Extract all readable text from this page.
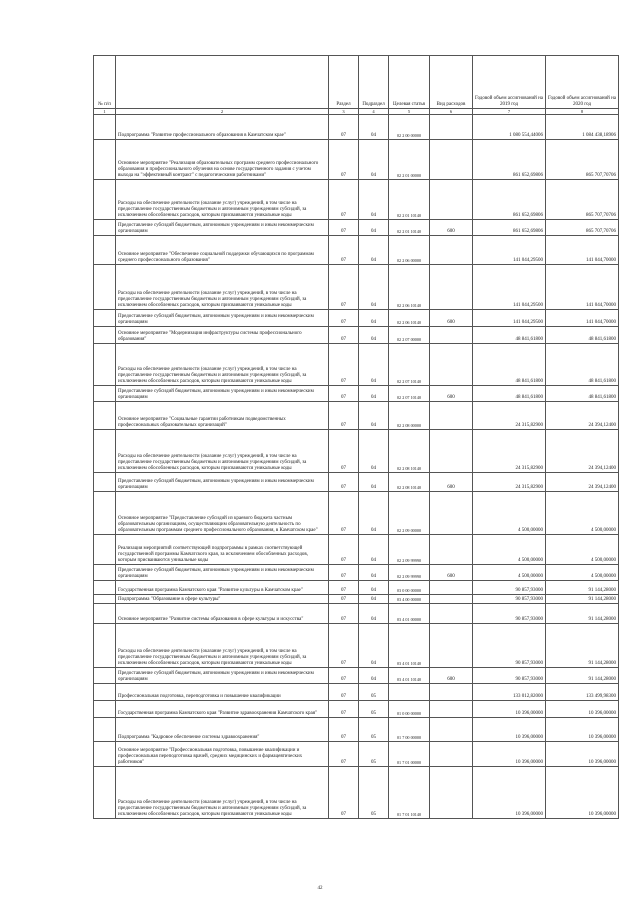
№ п/п		Раздел	Подраздел	Целевая статья	Вид расходов	Годовой объем ассигнований на 2019 год	Годовой объем ассигнований на 2020 год
1	2	3	4	5	6	7	8
	Подпрограмма "Развитие профессионального образования в Камчатском крае"	07	04	02 2 00 00000		1 080 554,44006	1 084 438,18906
	Основное мероприятие "Реализация образовательных программ среднего профессионального образования и профессионального обучения на основе государственного задания с учетом выхода на "эффективный контракт" с педагогическими работниками"	07	04	02 2 01 00000		861 652,69806	865 707,70706
	Расходы на обеспечение деятельности (оказание услуг) учреждений, в том числе на предоставление государственным бюджетным и автономным учреждениям субсидий, за исключением обособленных расходов, которым присваиваются уникальные коды	07	04	02 2 01 10140		861 652,69806	865 707,70706
	Предоставление субсидий бюджетным, автономным учреждениям и иным некоммерческим организациям	07	04	02 2 01 10140	600	861 652,69806	865 707,70706
	Основное мероприятие "Обеспечение социальной поддержки обучающихся по программам среднего профессионального образования"	07	04	02 2 06 00000		141 044,29500	141 044,70000
	Расходы на обеспечение деятельности (оказание услуг) учреждений, в том числе на предоставление государственным бюджетным и автономным учреждениям субсидий, за исключением обособленных расходов, которым присваиваются уникальные коды	07	04	02 2 06 10140		141 044,29500	141 044,70000
	Предоставление субсидий бюджетным, автономным учреждениям и иным некоммерческим организациям	07	04	02 2 06 10140	600	141 044,29500	141 044,70000
	Основное мероприятие "Модернизация инфраструктуры системы профессионального образования"	07	04	02 2 07 00000		48 841,61800	48 841,61800
	Расходы на обеспечение деятельности (оказание услуг) учреждений, в том числе на предоставление государственным бюджетным и автономным учреждениям субсидий, за исключением обособленных расходов, которым присваиваются уникальные коды	07	04	02 2 07 10140		48 841,61800	48 841,61800
	Предоставление субсидий бюджетным, автономным учреждениям и иным некоммерческим организациям	07	04	02 2 07 10140	600	48 841,61800	48 841,61800
	Основное мероприятие "Социальные гарантии работникам подведомственных профессиональных образовательных организаций"	07	04	02 2 08 00000		24 315,82900	24 394,12400
	Расходы на обеспечение деятельности (оказание услуг) учреждений, в том числе на предоставление государственным бюджетным и автономным учреждениям субсидий, за исключением обособленных расходов, которым присваиваются уникальные коды	07	04	02 2 08 10140		24 315,82900	24 394,12400
	Предоставление субсидий бюджетным, автономным учреждениям и иным некоммерческим организациям	07	04	02 2 08 10140	600	24 315,82900	24 394,12400
	Основное мероприятие "Предоставление субсидий из краевого бюджета частным образовательным организациям, осуществляющим образовательную деятельность по образовательным программам среднего профессионального образования, в Камчатском крае"	07	04	02 2 09 00000		4 500,00000	4 500,00000
	Реализация мероприятий соответствующей подпрограммы в рамках соответствующей государственной программы Камчатского края, за исключением обособленных расходов, которым присваиваются уникальные коды	07	04	02 2 09 99990		4 500,00000	4 500,00000
	Предоставление субсидий бюджетным, автономным учреждениям и иным некоммерческим организациям	07	04	02 2 09 99990	600	4 500,00000	4 500,00000
	Государственная программа Камчатского края "Развитие культуры в Камчатском крае"	07	04	03 0 00 00000		90 857,93000	91 144,28000
	Подпрограмма "Образование в сфере культуры"	07	04	03 4 00 00000		90 857,93000	91 144,28000
	Основное мероприятие "Развитие системы образования в сфере культуры и искусства"	07	04	03 4 01 00000		90 857,93000	91 144,28000
	Расходы на обеспечение деятельности (оказание услуг) учреждений, в том числе на предоставление государственным бюджетным и автономным учреждениям субсидий, за исключением обособленных расходов, которым присваиваются уникальные коды	07	04	03 4 01 10140		90 857,93000	91 144,28000
	Предоставление субсидий бюджетным, автономным учреждениям и иным некоммерческим организациям	07	04	03 4 01 10140	600	90 857,93000	91 144,28000
	Профессиональная подготовка, переподготовка и повышение квалификации	07	05			133 012,82000	133 499,98300
	Государственная программа Камчатского края "Развитие здравоохранения Камчатского края"	07	05	01 0 00 00000		10 396,00000	10 396,00000
	Подпрограмма "Кадровое обеспечение системы здравоохранения"	07	05	01 7 00 00000		10 396,00000	10 396,00000
	Основное мероприятие "Профессиональная подготовка, повышение квалификации и профессиональная переподготовка врачей, средних медицинских и фармацевтических работников"	07	05	01 7 01 00000		10 396,00000	10 396,00000
	Расходы на обеспечение деятельности (оказание услуг) учреждений, в том числе на предоставление государственным бюджетным и автономным учреждениям субсидий, за исключением обособленных расходов, которым присваиваются уникальные коды	07	05	01 7 01 10140		10 396,00000	10 396,00000
42
